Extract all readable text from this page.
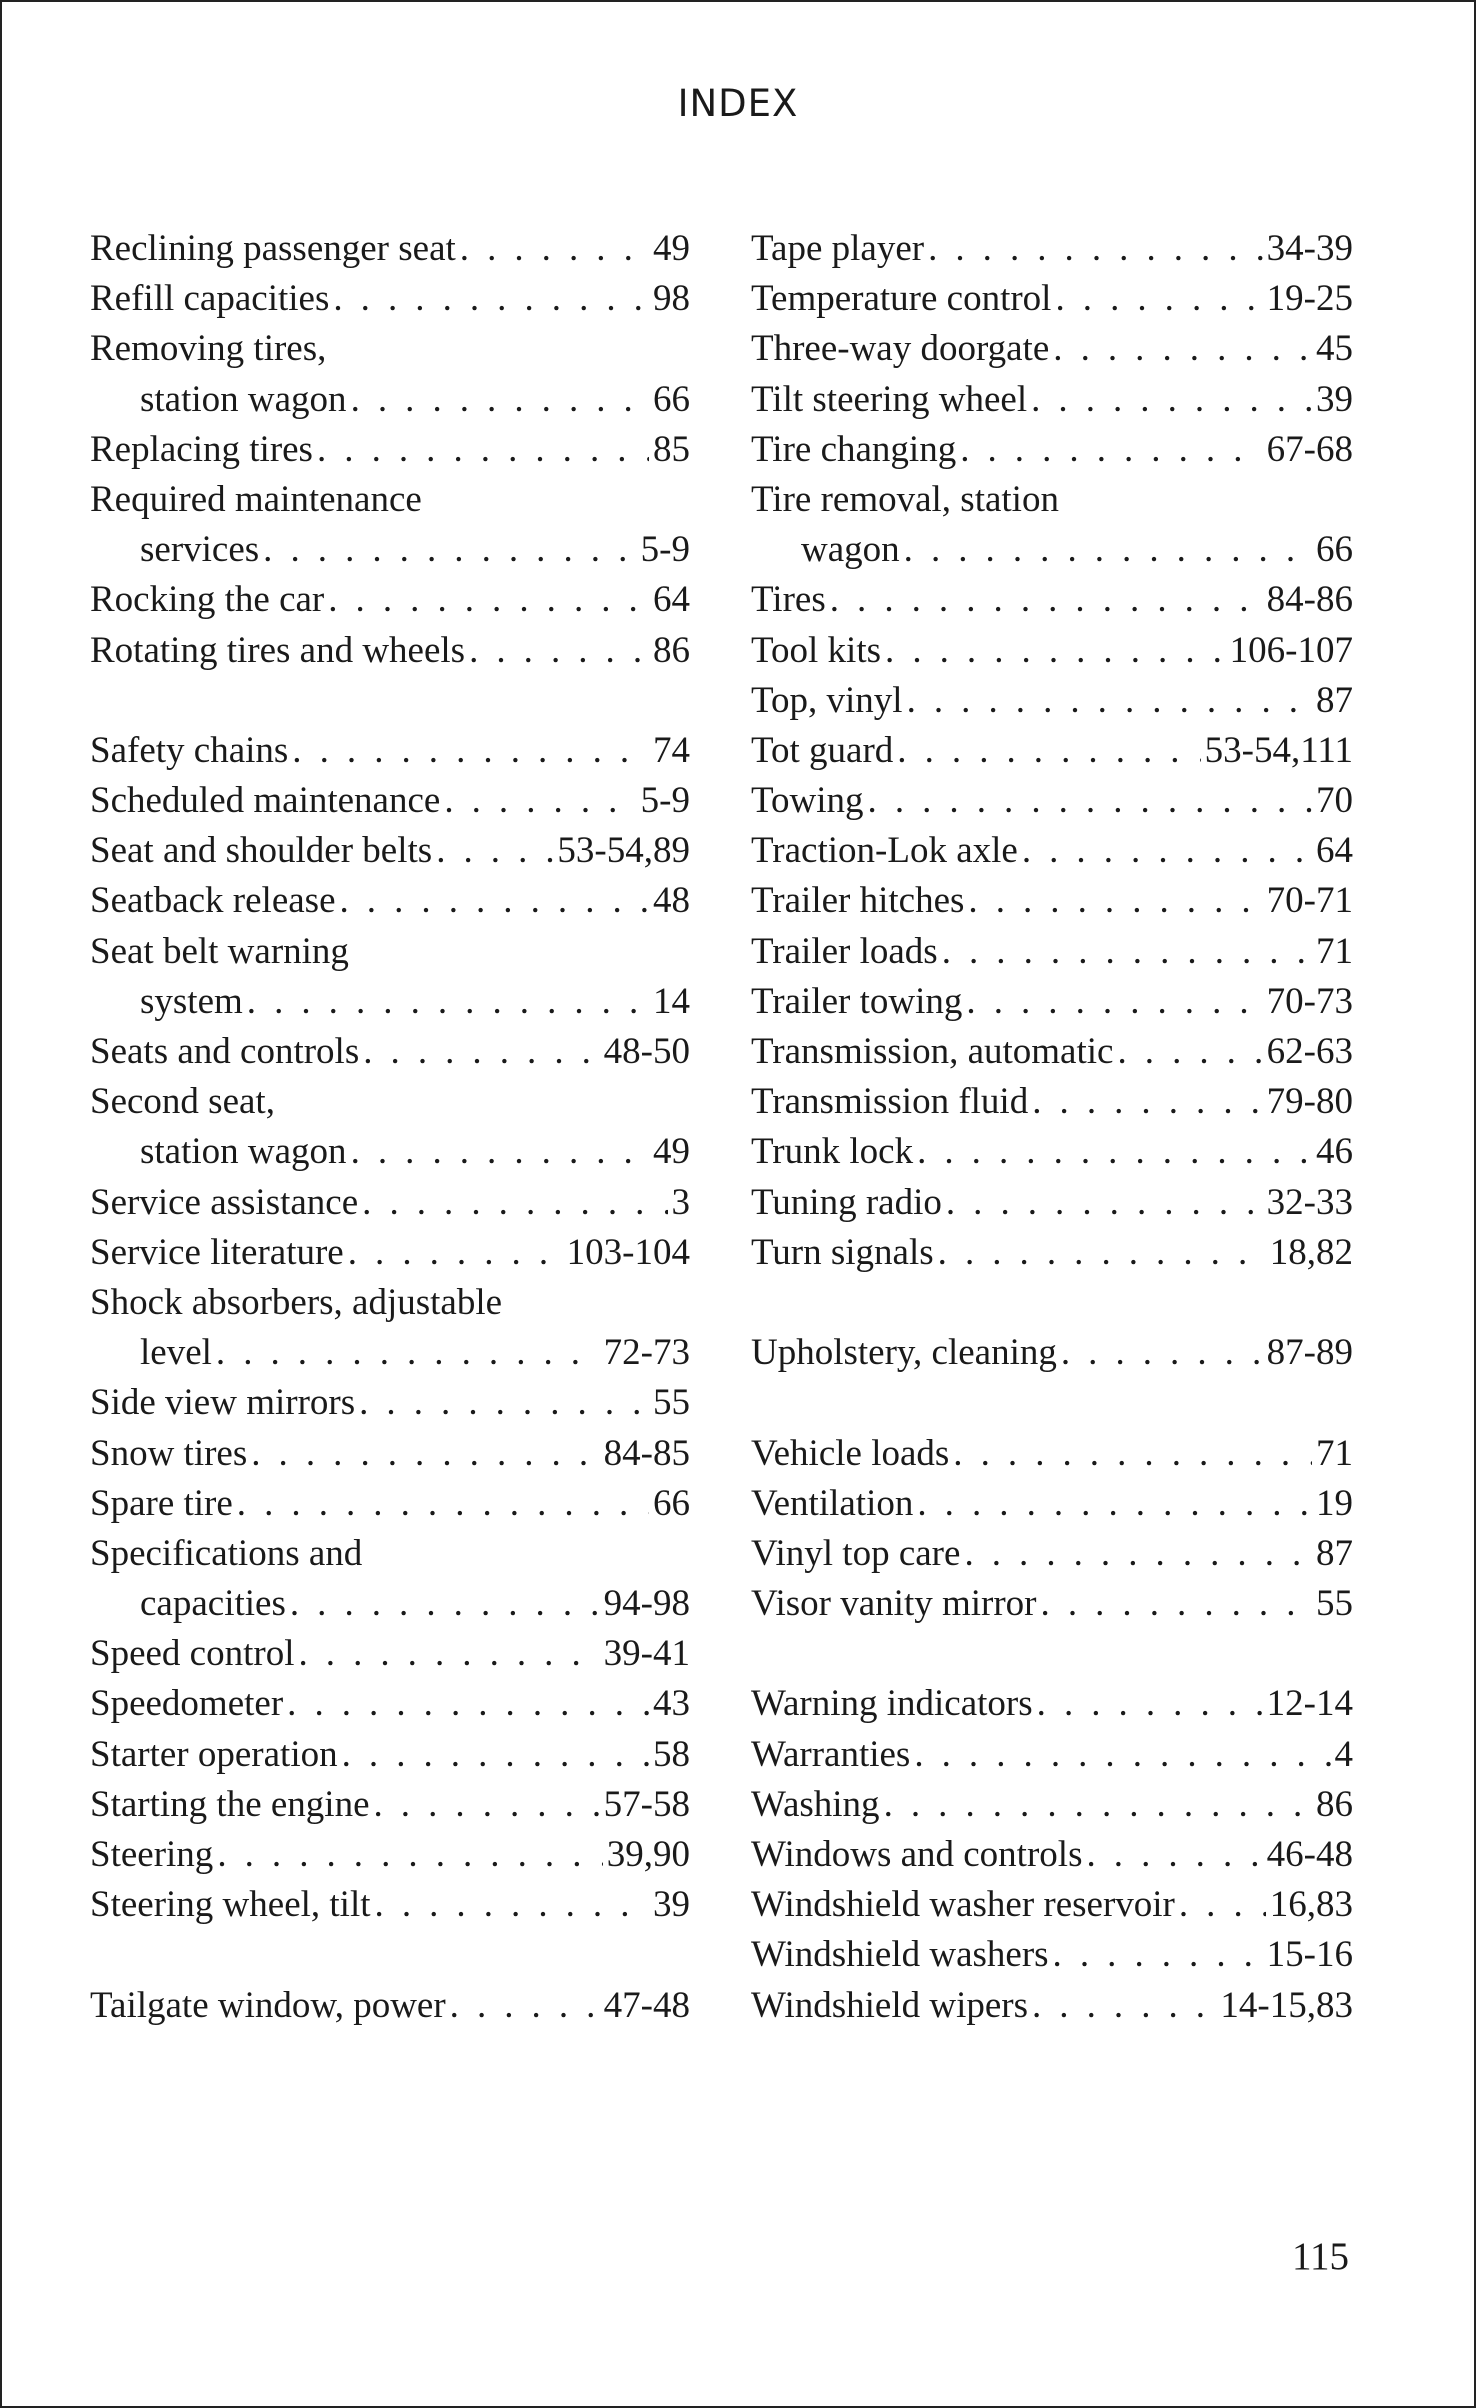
INDEX
Reclining passenger seat . . .	49
Refill capacities . . .	98
Removing tires,
station wagon . . .	66
Replacing tires . . .	85
Required maintenance
services . . .	5-9
Rocking the car . . .	64
Rotating tires and wheels . . .	86
Safety chains . . .	74
Scheduled maintenance . . .	5-9
Seat and shoulder belts . . .	53-54,89
Seatback release . . .	48
Seat belt warning
system . . .	14
Seats and controls . . .	48-50
Second seat,
station wagon . . .	49
Service assistance . . .	3
Service literature . . .	103-104
Shock absorbers, adjustable
level . . .	72-73
Side view mirrors . . .	55
Snow tires . . .	84-85
Spare tire . . .	66
Specifications and
capacities . . .	94-98
Speed control . . .	39-41
Speedometer . . .	43
Starter operation . . .	58
Starting the engine . . .	57-58
Steering . . .	39,90
Steering wheel, tilt . . .	39
Tailgate window, power . . .	47-48
Tape player . . .	34-39
Temperature control . . .	19-25
Three-way doorgate . . .	45
Tilt steering wheel . . .	39
Tire changing . . .	67-68
Tire removal, station
wagon . . .	66
Tires . . .	84-86
Tool kits . . .	106-107
Top, vinyl . . .	87
Tot guard . . .	53-54,111
Towing . . .	70
Traction-Lok axle . . .	64
Trailer hitches . . .	70-71
Trailer loads . . .	71
Trailer towing . . .	70-73
Transmission, automatic . . .	62-63
Transmission fluid . . .	79-80
Trunk lock . . .	46
Tuning radio . . .	32-33
Turn signals . . .	18,82
Upholstery, cleaning . . .	87-89
Vehicle loads . . .	71
Ventilation . . .	19
Vinyl top care . . .	87
Visor vanity mirror . . .	55
Warning indicators . . .	12-14
Warranties . . .	4
Washing . . .	86
Windows and controls . . .	46-48
Windshield washer reservoir . . .	16,83
Windshield washers . . .	15-16
Windshield wipers . . .	14-15,83
115
